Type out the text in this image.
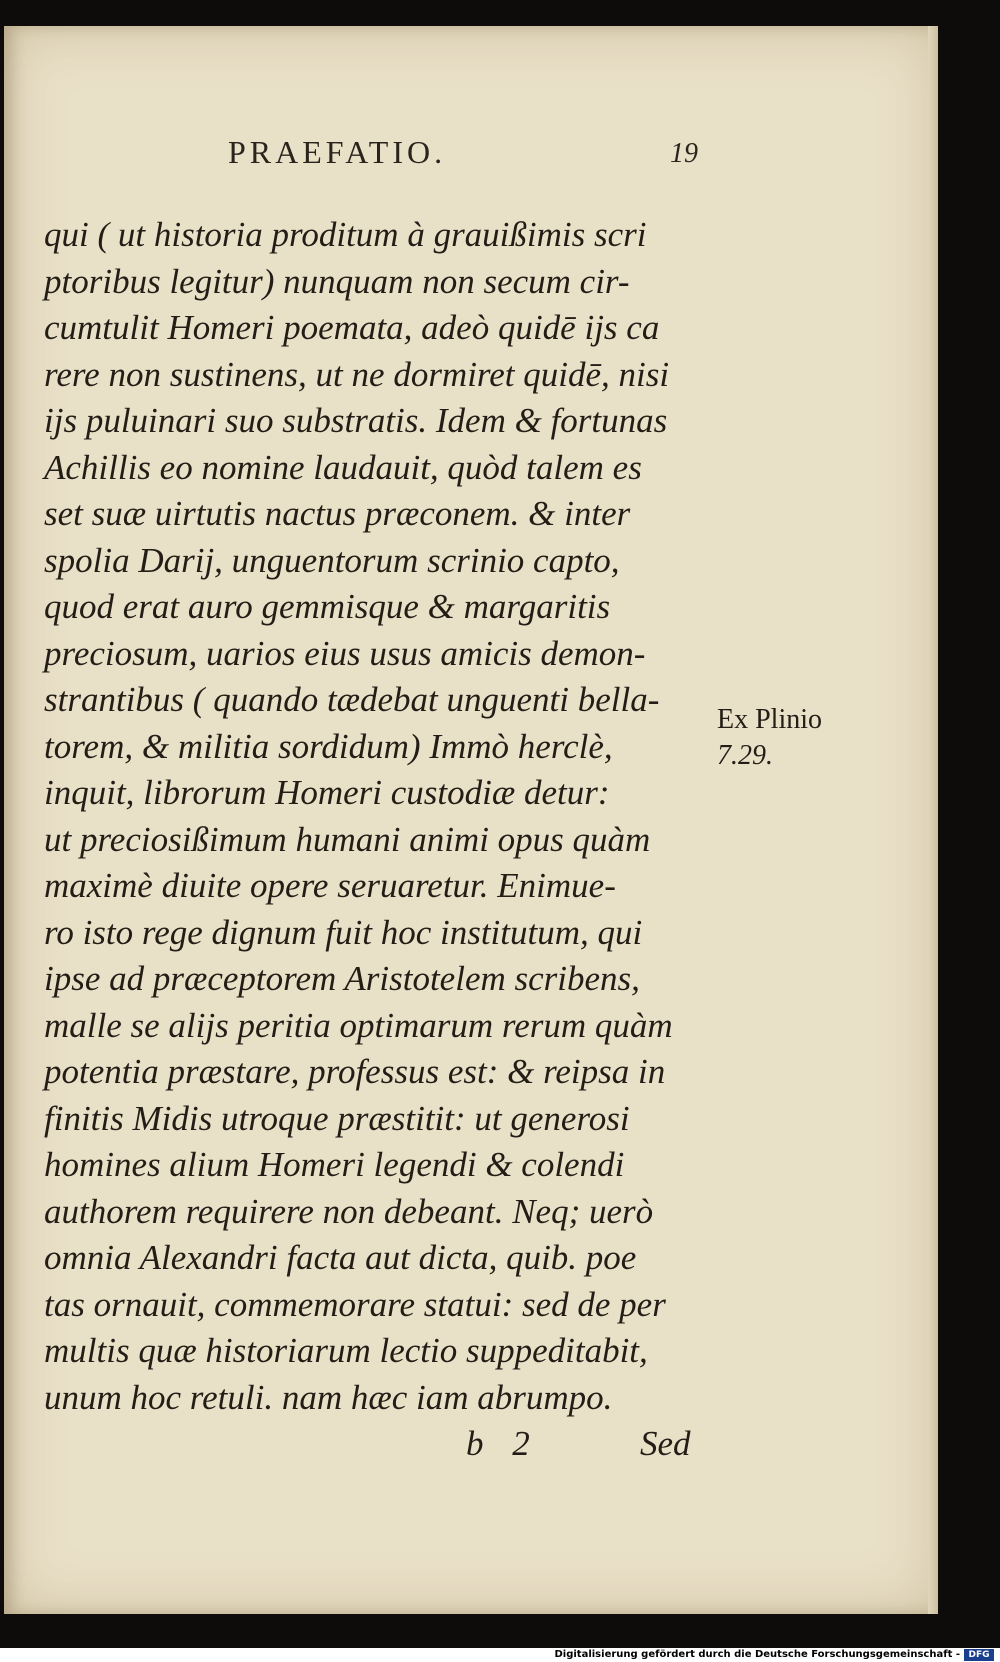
PRAEFATIO.	19
qui ( ut historia proditum à grauißimis scri
ptoribus legitur) nunquam non secum cir-
cumtulit Homeri poemata, adeò quidē ijs ca
rere non sustinens, ut ne dormiret quidē, nisi
ijs puluinari suo substratis. Idem & fortunas
Achillis eo nomine laudauit, quòd talem es
set suæ uirtutis nactus præconem. & inter
spolia Darij, unguentorum scrinio capto,
quod erat auro gemmisque & margaritis
preciosum, uarios eius usus amicis demon-
strantibus ( quando tædebat unguenti bella-
torem, & militia sordidum) Immò herclè,
inquit, librorum Homeri custodiæ detur:
ut preciosißimum humani animi opus quàm
maximè diuite opere seruaretur. Enimue-
ro isto rege dignum fuit hoc institutum, qui
ipse ad præceptorem Aristotelem scribens,
malle se alijs peritia optimarum rerum quàm
potentia præstare, professus est: & reipsa in
finitis Midis utroque præstitit: ut generosi
homines alium Homeri legendi & colendi
authorem requirere non debeant. Neq; uerò
omnia Alexandri facta aut dicta, quib. poe
tas ornauit, commemorare statui: sed de per
multis quæ historiarum lectio suppeditabit,
unum hoc retuli. nam hæc iam abrumpo.
Ex Plinio
7.29.
b 2	Sed
Digitalisierung gefördert durch die Deutsche Forschungsgemeinschaft - DFG
